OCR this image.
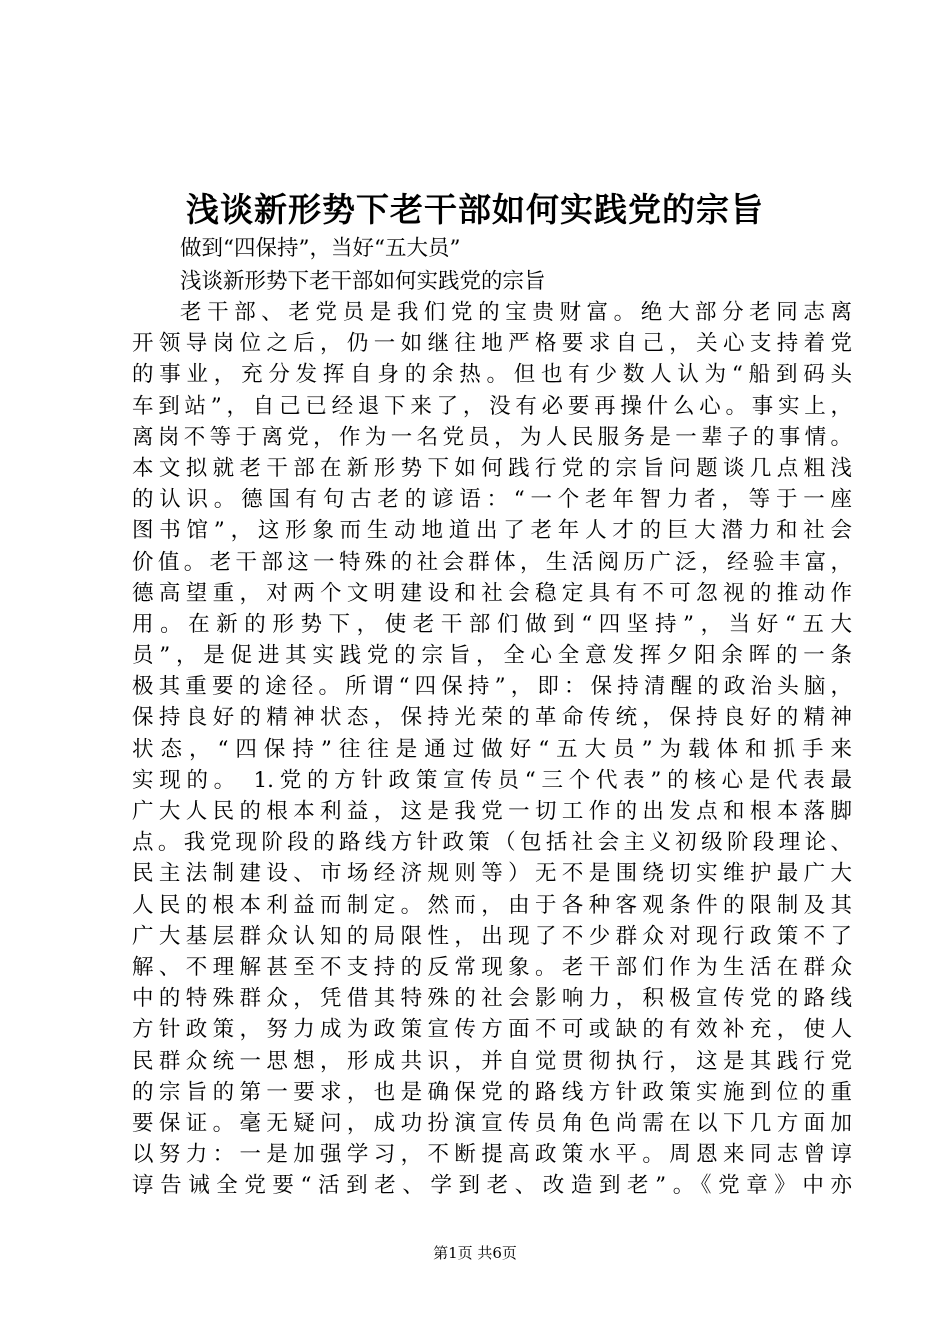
浅谈新形势下老干部如何实践党的宗旨
做到“四保持”，当好“五大员”
浅谈新形势下老干部如何实践党的宗旨
老干部、老党员是我们党的宝贵财富。绝大部分老同志离
开领导岗位之后，仍一如继往地严格要求自己，关心支持着党
的事业，充分发挥自身的余热。但也有少数人认为“船到码头
车到站”，自己已经退下来了，没有必要再操什么心。事实上，
离岗不等于离党，作为一名党员，为人民服务是一辈子的事情。
本文拟就老干部在新形势下如何践行党的宗旨问题谈几点粗浅
的认识。德国有句古老的谚语：“一个老年智力者，等于一座
图书馆”，这形象而生动地道出了老年人才的巨大潜力和社会
价值。老干部这一特殊的社会群体，生活阅历广泛，经验丰富，
德高望重，对两个文明建设和社会稳定具有不可忽视的推动作
用。在新的形势下，使老干部们做到“四坚持”，当好“五大
员”，是促进其实践党的宗旨，全心全意发挥夕阳余晖的一条
极其重要的途径。所谓“四保持”，即：保持清醒的政治头脑，
保持良好的精神状态，保持光荣的革命传统，保持良好的精神
状态，“四保持”往往是通过做好“五大员”为载体和抓手来
实现的。 1.党的方针政策宣传员“三个代表”的核心是代表最
广大人民的根本利益，这是我党一切工作的出发点和根本落脚
点。我党现阶段的路线方针政策（包括社会主义初级阶段理论、
民主法制建设、市场经济规则等）无不是围绕切实维护最广大
人民的根本利益而制定。然而，由于各种客观条件的限制及其
广大基层群众认知的局限性，出现了不少群众对现行政策不了
解、不理解甚至不支持的反常现象。老干部们作为生活在群众
中的特殊群众，凭借其特殊的社会影响力，积极宣传党的路线
方针政策，努力成为政策宣传方面不可或缺的有效补充，使人
民群众统一思想，形成共识，并自觉贯彻执行，这是其践行党
的宗旨的第一要求，也是确保党的路线方针政策实施到位的重
要保证。毫无疑问，成功扮演宣传员角色尚需在以下几方面加
以努力：一是加强学习，不断提高政策水平。周恩来同志曾谆
谆告诫全党要“活到老、学到老、改造到老”。《党章》中亦
第1页 共6页
